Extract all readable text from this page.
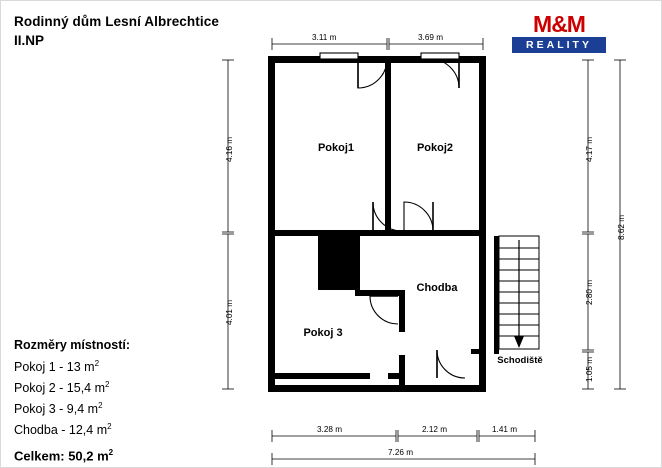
Rodinný dům Lesní Albrechtice
II.NP
M&M
REALITY
Rozměry místností:
Pokoj 1 - 13 $m^2$
Pokoj 2 - 15,4 $m^2$
Pokoj 3 - 9,4 $m^2$
Chodba - 12,4 $m^2$
Celkem: 50,2 $m^2$
Pokoj1	Pokoj2
Chodba
Pokoj 3
Schodiště
3.11 m	3.69 m
4.16 m
4.01 m
4.17 m
2.80 m
1.05 m
8.62 m
3.28 m	2.12 m	1.41 m
7.26 m
